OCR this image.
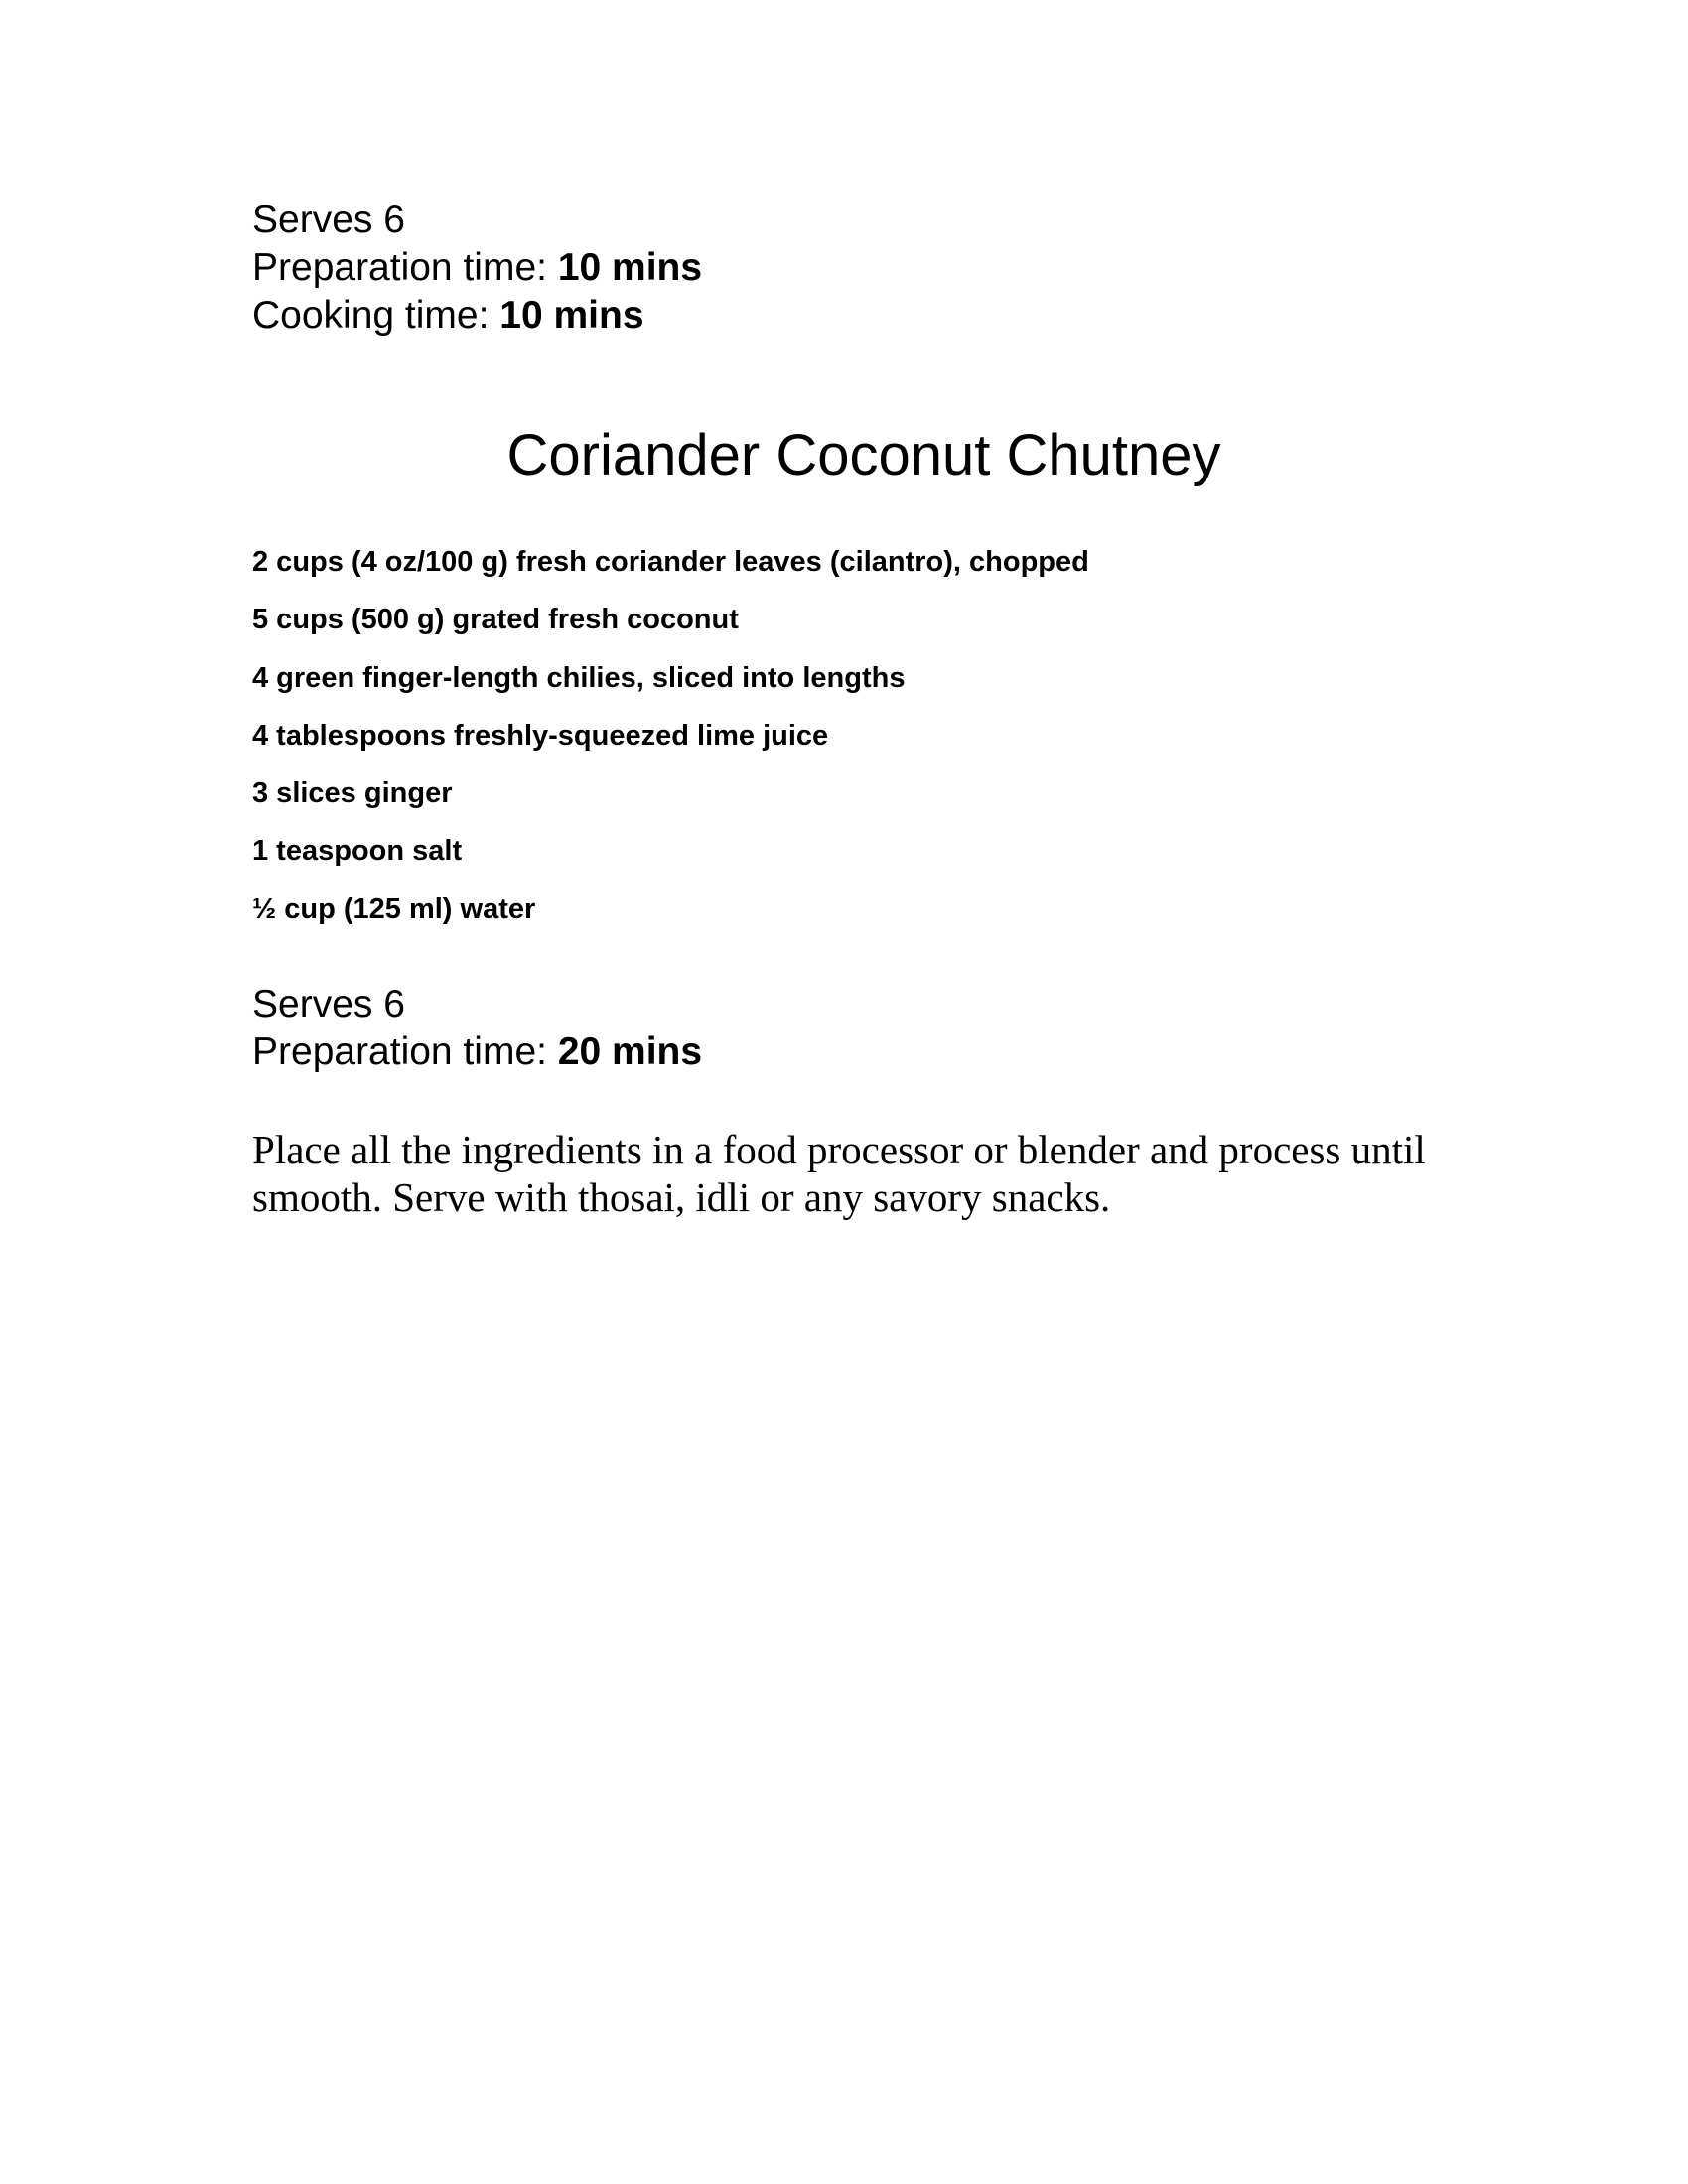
Serves 6
Preparation time: 10 mins
Cooking time: 10 mins
Coriander Coconut Chutney
2 cups (4 oz/100 g) fresh coriander leaves (cilantro), chopped
5 cups (500 g) grated fresh coconut
4 green finger-length chilies, sliced into lengths
4 tablespoons freshly-squeezed lime juice
3 slices ginger
1 teaspoon salt
½ cup (125 ml) water
Serves 6
Preparation time: 20 mins

Place all the ingredients in a food processor or blender and process until smooth. Serve with thosai, idli or any savory snacks.
